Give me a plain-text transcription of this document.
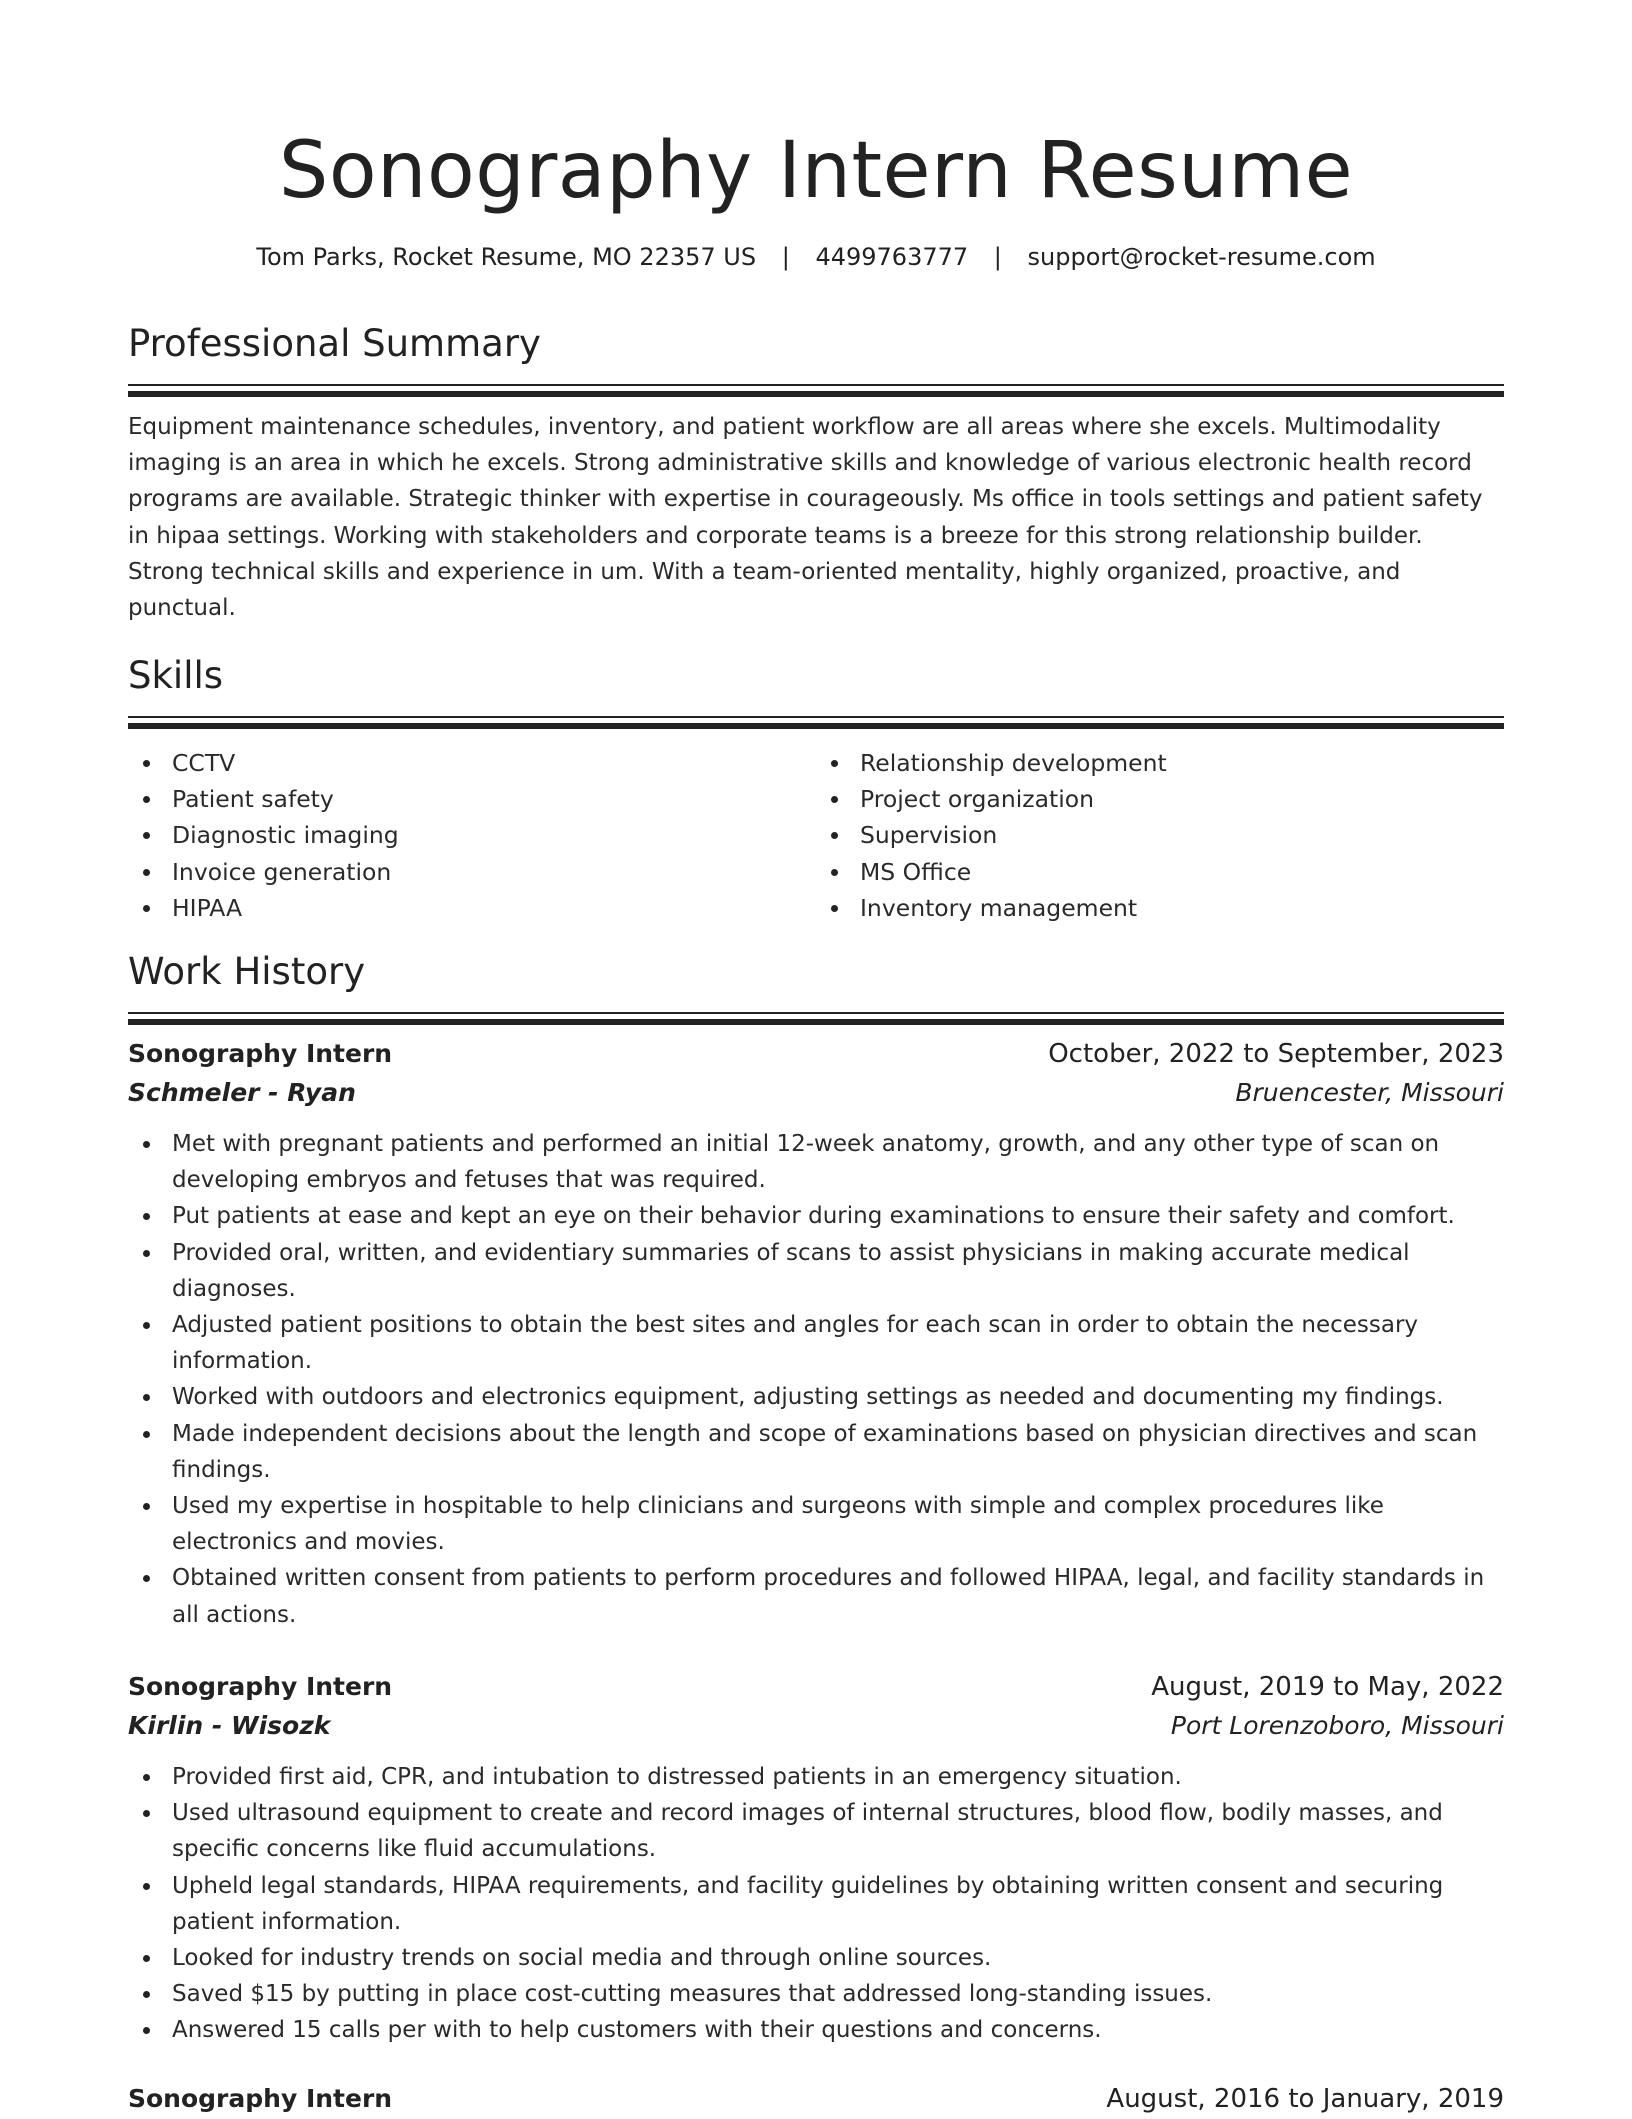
Sonography Intern Resume
Tom Parks, Rocket Resume, MO 22357 US | 4499763777 | support@rocket-resume.com
Professional Summary

Equipment maintenance schedules, inventory, and patient workflow are all areas where she excels. Multimodality imaging is an area in which he excels. Strong administrative skills and knowledge of various electronic health record programs are available. Strategic thinker with expertise in courageously. Ms office in tools settings and patient safety in hipaa settings. Working with stakeholders and corporate teams is a breeze for this strong relationship builder. Strong technical skills and experience in um. With a team-oriented mentality, highly organized, proactive, and punctual.

Skills
CCTV
Patient safety
Diagnostic imaging
Invoice generation
HIPAA
Relationship development
Project organization
Supervision
MS Office
Inventory management
Work History
Sonography Intern	October, 2022 to September, 2023
Schmeler - Ryan	Bruencester, Missouri
Met with pregnant patients and performed an initial 12-week anatomy, growth, and any other type of scan on developing embryos and fetuses that was required.
Put patients at ease and kept an eye on their behavior during examinations to ensure their safety and comfort.
Provided oral, written, and evidentiary summaries of scans to assist physicians in making accurate medical diagnoses.
Adjusted patient positions to obtain the best sites and angles for each scan in order to obtain the necessary information.
Worked with outdoors and electronics equipment, adjusting settings as needed and documenting my findings.
Made independent decisions about the length and scope of examinations based on physician directives and scan findings.
Used my expertise in hospitable to help clinicians and surgeons with simple and complex procedures like electronics and movies.
Obtained written consent from patients to perform procedures and followed HIPAA, legal, and facility standards in all actions.
Sonography Intern	August, 2019 to May, 2022
Kirlin - Wisozk	Port Lorenzoboro, Missouri
Provided first aid, CPR, and intubation to distressed patients in an emergency situation.
Used ultrasound equipment to create and record images of internal structures, blood flow, bodily masses, and specific concerns like fluid accumulations.
Upheld legal standards, HIPAA requirements, and facility guidelines by obtaining written consent and securing patient information.
Looked for industry trends on social media and through online sources.
Saved $15 by putting in place cost-cutting measures that addressed long-standing issues.
Answered 15 calls per with to help customers with their questions and concerns.
Sonography Intern	August, 2016 to January, 2019
